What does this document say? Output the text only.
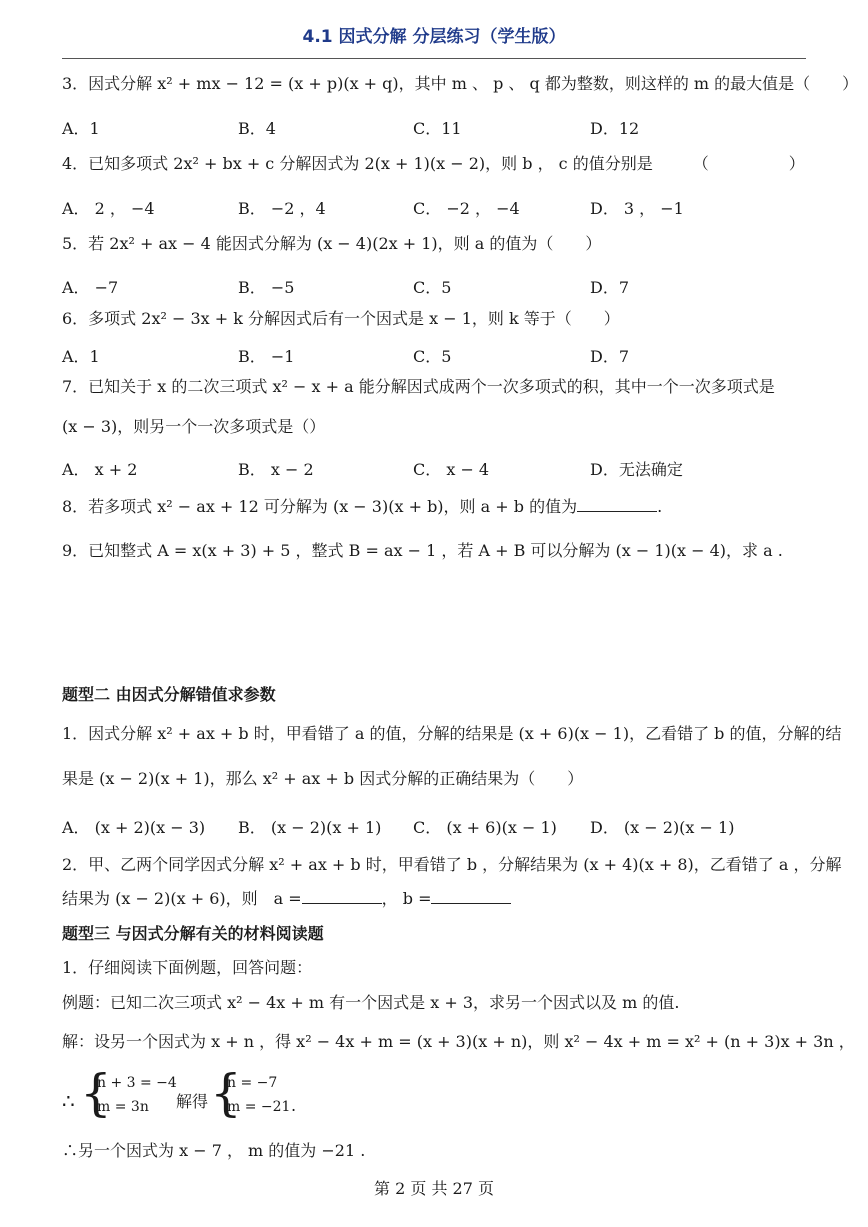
4.1 因式分解 分层练习（学生版）
3．因式分解 x² + mx − 12 = (x + p)(x + q)，其中 m 、 p 、 q 都为整数，则这样的 m 的最大值是（　　）
A．1	B．4	C．11	D．12
4．已知多项式 2x² + bx + c 分解因式为 2(x + 1)(x − 2)，则 b ， c 的值分别是　　　（　　　　　）
A． 2 ， −4	B． −2 ，4	C． −2 ， −4	D． 3 ， −1
5．若 2x² + ax − 4 能因式分解为 (x − 4)(2x + 1)，则 a 的值为（　　）
A． −7	B． −5	C．5	D．7
6．多项式 2x² − 3x + k 分解因式后有一个因式是 x − 1，则 k 等于（　　）
A．1	B． −1	C．5	D．7
7．已知关于 x 的二次三项式 x² − x + a 能分解因式成两个一次多项式的积，其中一个一次多项式是
(x − 3)，则另一个一次多项式是（）
A． x + 2	B． x − 2	C． x − 4	D．无法确定
8．若多项式 x² − ax + 12 可分解为 (x − 3)(x + b)，则 a + b 的值为	.
9．已知整式 A = x(x + 3) + 5 ，整式 B = ax − 1 ，若 A + B 可以分解为 (x − 1)(x − 4)，求 a .
题型二 由因式分解错值求参数
1．因式分解 x² + ax + b 时，甲看错了 a 的值，分解的结果是 (x + 6)(x − 1)，乙看错了 b 的值，分解的结
果是 (x − 2)(x + 1)，那么 x² + ax + b 因式分解的正确结果为（　　）
A． (x + 2)(x − 3) B． (x − 2)(x + 1) C． (x + 6)(x − 1) D． (x − 2)(x − 1)
2．甲、乙两个同学因式分解 x² + ax + b 时，甲看错了 b ，分解结果为 (x + 4)(x + 8)，乙看错了 a ，分解
结果为 (x − 2)(x + 6)，则　a =	， b =
题型三 与因式分解有关的材料阅读题
1．仔细阅读下面例题，回答问题：
例题：已知二次三项式 x² − 4x + m 有一个因式是 x + 3，求另一个因式以及 m 的值.
解：设另一个因式为 x + n ，得 x² − 4x + m = (x + 3)(x + n)，则 x² − 4x + m = x² + (n + 3)x + 3n ，
∴ {
n + 3 = −4
m = 3n 解得 {
n = −7
m = −21 .
∴另一个因式为 x − 7 ， m 的值为 −21 .
第 2 页 共 27 页
